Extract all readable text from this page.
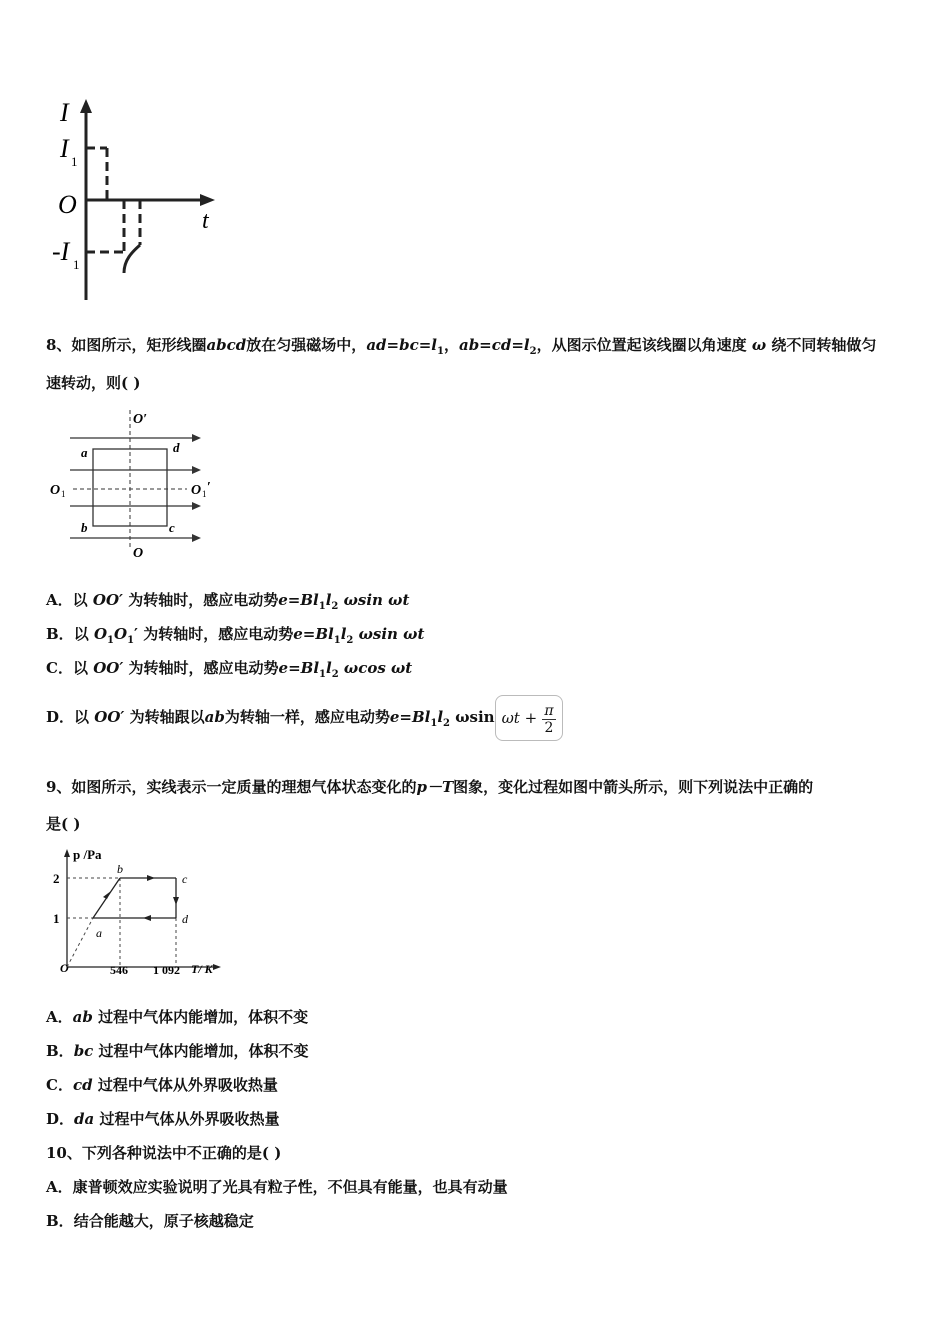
I
t
O
I 1
-I 1
8、如图所示，矩形线圈abcd放在匀强磁场中，$ad=bc=l_1$，$ab=cd=l_2$，从图示位置起该线圈以角速度 ω 绕不同转轴做匀
速转动，则( )
O′
O
O 1	O 1 ′
a	d
b	c
A．以 OO′ 为转轴时，感应电动势$e=Bl_1l_2$ ωsin ωt
B．以 $O_1O_1'$ 为转轴时，感应电动势$e=Bl_1l_2$ ωsin ωt
C．以 OO′ 为转轴时，感应电动势$e=Bl_1l_2$ ωcos ωt
D．以 OO′ 为转轴跟以ab为转轴一样，感应电动势$e=Bl_1l_2$ ωsin $\omega t + \frac{\pi}{2}$
9、如图所示，实线表示一定质量的理想气体状态变化的p－T图象，变化过程如图中箭头所示，则下列说法中正确的
是( )
p /Pa
T/ K
2
1
O	546 1 092
b
c
d
a
A．ab 过程中气体内能增加，体积不变
B．bc 过程中气体内能增加，体积不变
C．cd 过程中气体从外界吸收热量
D．da 过程中气体从外界吸收热量
10、下列各种说法中不正确的是( )
A．康普顿效应实验说明了光具有粒子性，不但具有能量，也具有动量
B．结合能越大，原子核越稳定
